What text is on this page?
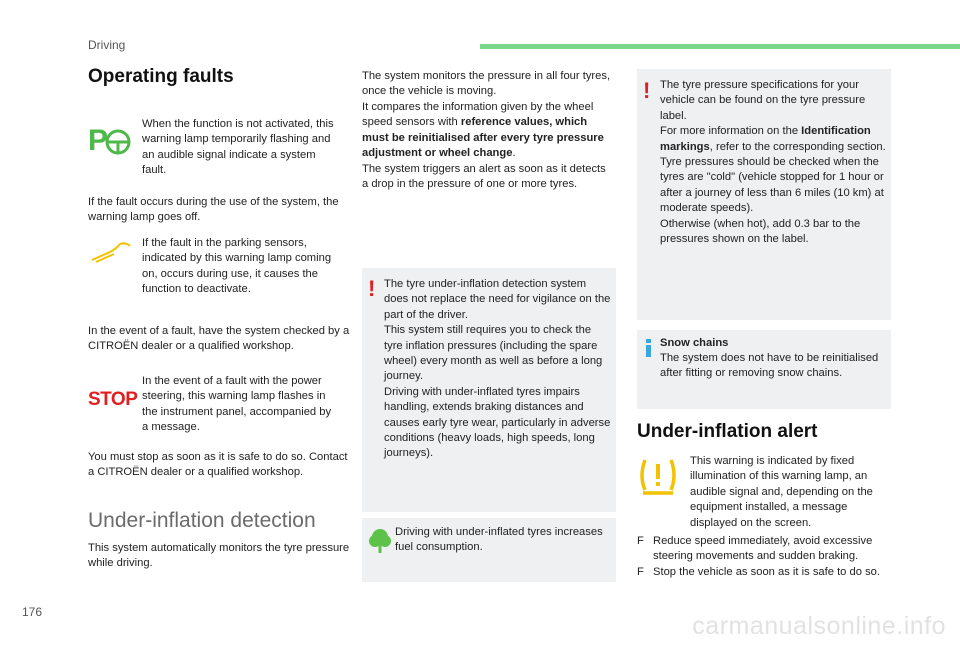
Driving
Operating faults
P	When the function is not activated, this warning lamp temporarily flashing and an audible signal indicate a system fault.
If the fault occurs during the use of the system, the warning lamp goes off.
If the fault in the parking sensors, indicated by this warning lamp coming on, occurs during use, it causes the function to deactivate.
In the event of a fault, have the system checked by a CITROËN dealer or a qualified workshop.
STOP
In the event of a fault with the power steering, this warning lamp flashes in the instrument panel, accompanied by a message.
You must stop as soon as it is safe to do so. Contact a CITROËN dealer or a qualified workshop.
Under-inflation detection
This system automatically monitors the tyre pressure while driving.
The system monitors the pressure in all four tyres, once the vehicle is moving.
It compares the information given by the wheel speed sensors with reference values, which must be reinitialised after every tyre pressure adjustment or wheel change.
The system triggers an alert as soon as it detects a drop in the pressure of one or more tyres.
! The tyre under-inflation detection system does not replace the need for vigilance on the part of the driver.
This system still requires you to check the tyre inflation pressures (including the spare wheel) every month as well as before a long journey.
Driving with under-inflated tyres impairs handling, extends braking distances and causes early tyre wear, particularly in adverse conditions (heavy loads, high speeds, long journeys).
Driving with under-inflated tyres increases fuel consumption.
! The tyre pressure specifications for your vehicle can be found on the tyre pressure label.
For more information on the Identification markings, refer to the corresponding section.
Tyre pressures should be checked when the tyres are "cold" (vehicle stopped for 1 hour or after a journey of less than 6 miles (10 km) at moderate speeds).
Otherwise (when hot), add 0.3 bar to the pressures shown on the label.
Snow chains
The system does not have to be reinitialised after fitting or removing snow chains.
Under-inflation alert
This warning is indicated by fixed illumination of this warning lamp, an audible signal and, depending on the equipment installed, a message displayed on the screen.
F Reduce speed immediately, avoid excessive steering movements and sudden braking.
F Stop the vehicle as soon as it is safe to do so.
176	carmanualsonline.info
